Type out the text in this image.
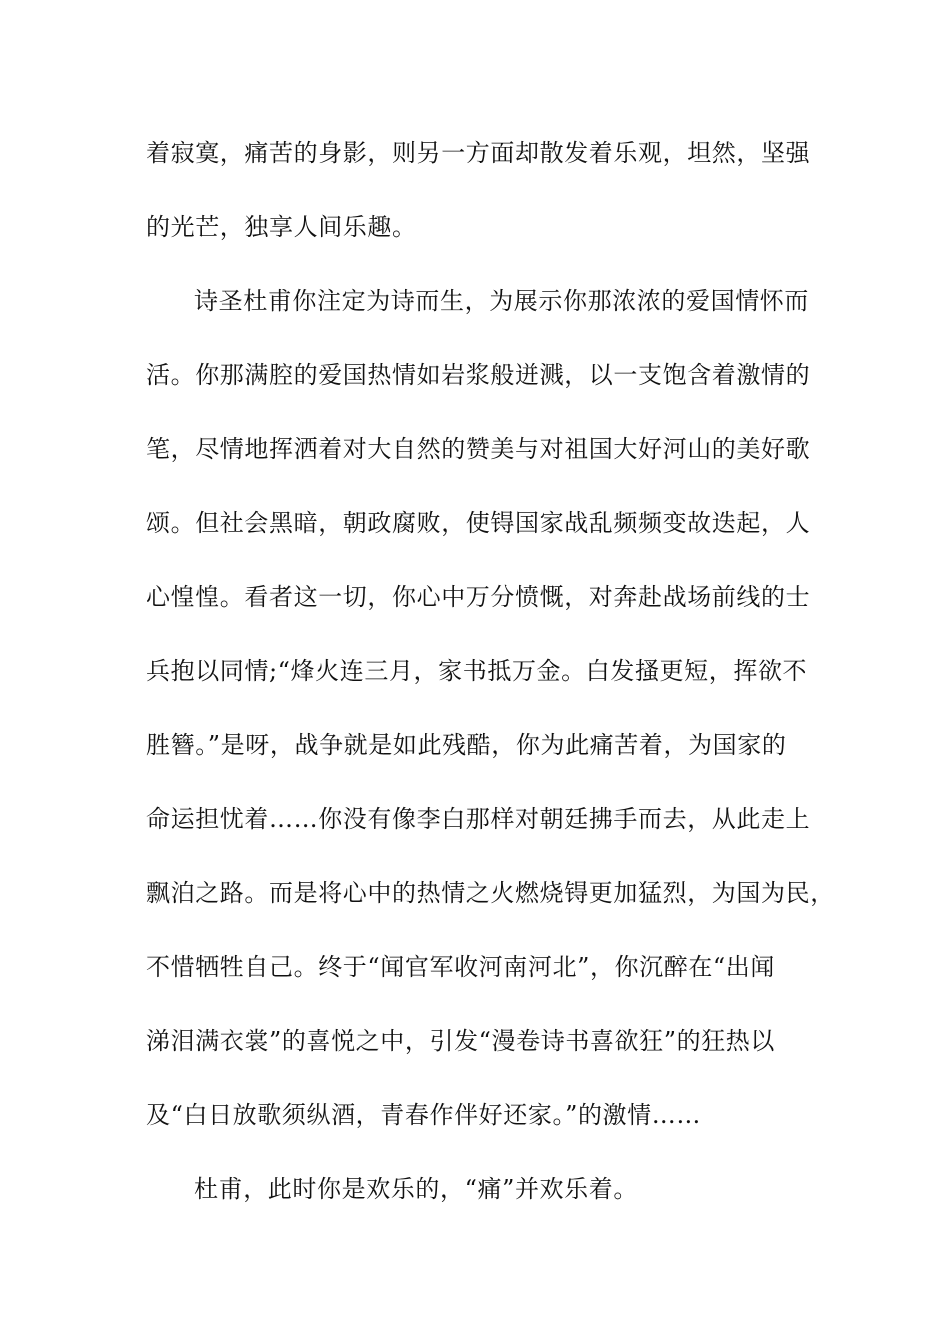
着寂寞，痛苦的身影，则另一方面却散发着乐观，坦然，坚强
的光芒，独享人间乐趣。
诗圣杜甫你注定为诗而生，为展示你那浓浓的爱国情怀而
活。你那满腔的爱国热情如岩浆般迸溅，以一支饱含着激情的
笔，尽情地挥洒着对大自然的赞美与对祖国大好河山的美好歌
颂。但社会黑暗，朝政腐败，使锝国家战乱频频变故迭起，人
心惶惶。看者这一切，你心中万分愤慨，对奔赴战场前线的士
兵抱以同情;“烽火连三月，家书抵万金。白发搔更短，挥欲不
胜簪。”是呀，战争就是如此残酷，你为此痛苦着，为国家的
命运担忧着……你没有像李白那样对朝廷拂手而去，从此走上
飘泊之路。而是将心中的热情之火燃烧锝更加猛烈，为国为民，
不惜牺牲自己。终于“闻官军收河南河北”，你沉醉在“出闻
涕泪满衣裳”的喜悦之中，引发“漫卷诗书喜欲狂”的狂热以
及“白日放歌须纵酒，青春作伴好还家。”的激情……
杜甫，此时你是欢乐的，“痛”并欢乐着。
